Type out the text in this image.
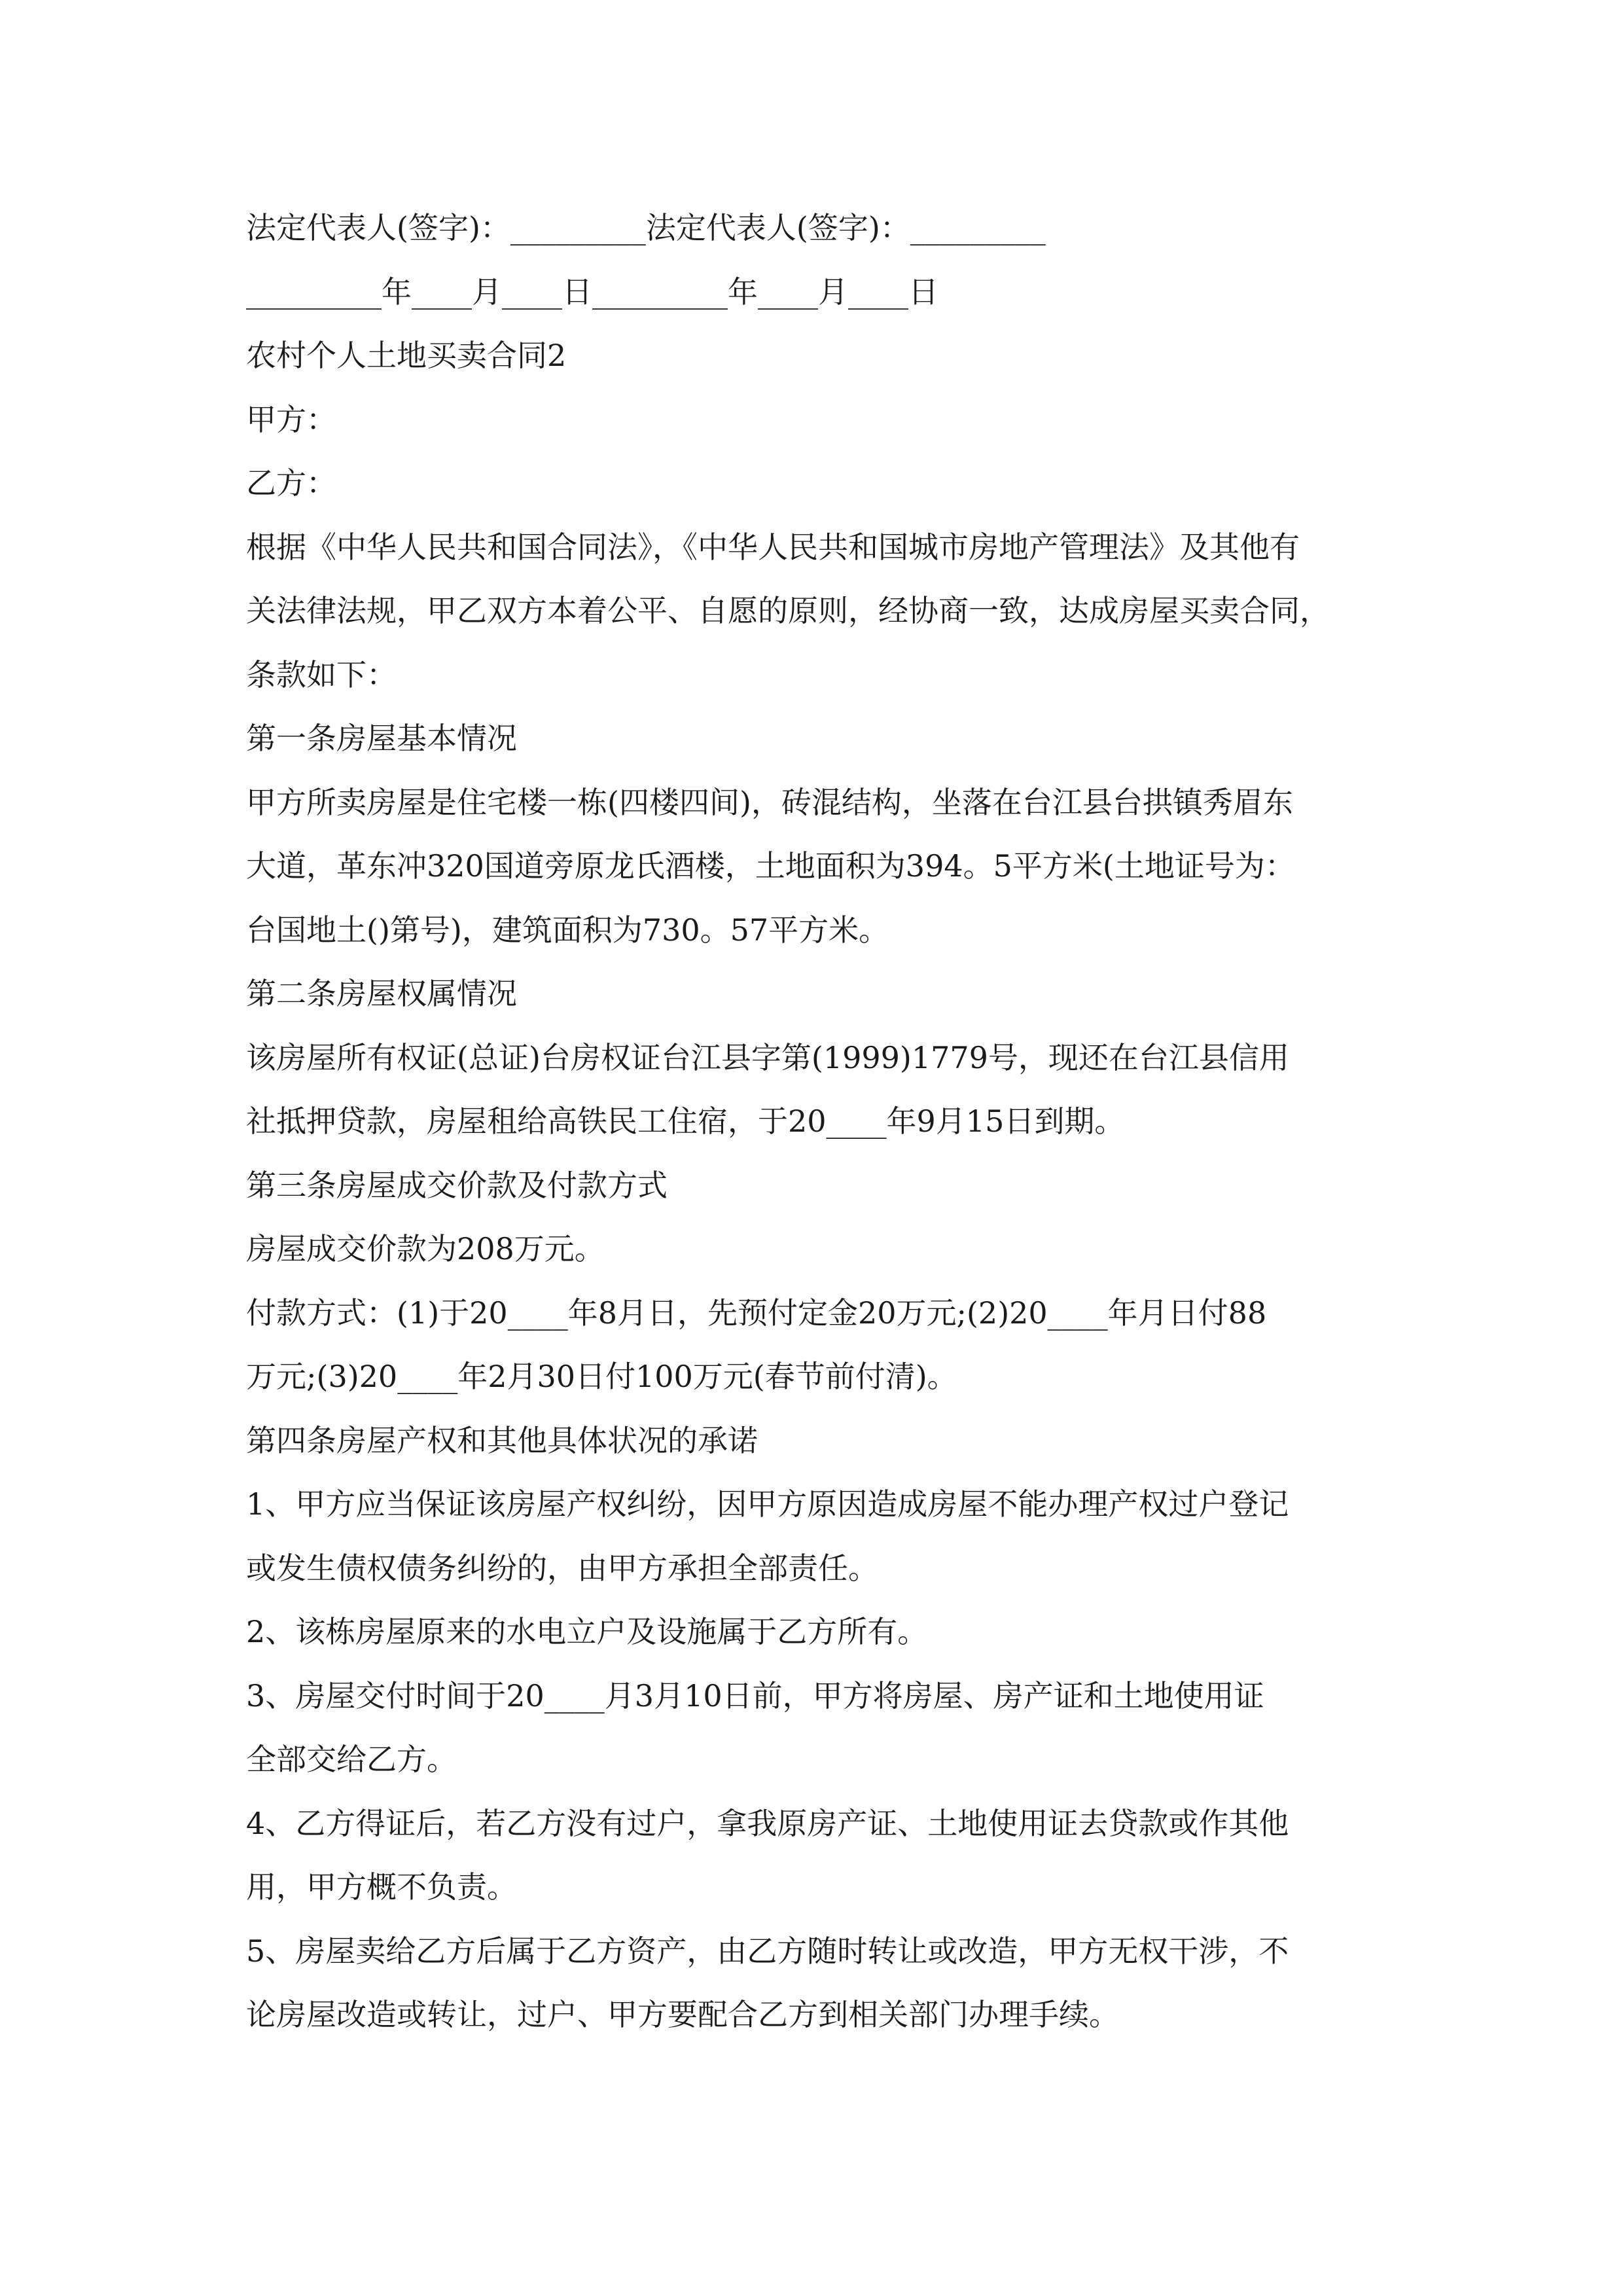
法定代表人(签字)：_________法定代表人(签字)：_________
_________年____月____日_________年____月____日
农村个人土地买卖合同2
甲方：
乙方：
根据《中华人民共和国合同法》，《中华人民共和国城市房地产管理法》及其他有
关法律法规，甲乙双方本着公平、自愿的原则，经协商一致，达成房屋买卖合同，
条款如下：
第一条房屋基本情况
甲方所卖房屋是住宅楼一栋(四楼四间)，砖混结构，坐落在台江县台拱镇秀眉东
大道，革东冲320国道旁原龙氏酒楼，土地面积为394。5平方米(土地证号为：
台国地土()第号)，建筑面积为730。57平方米。
第二条房屋权属情况
该房屋所有权证(总证)台房权证台江县字第(1999)1779号，现还在台江县信用
社抵押贷款，房屋租给高铁民工住宿，于20____年9月15日到期。
第三条房屋成交价款及付款方式
房屋成交价款为208万元。
付款方式：(1)于20____年8月日，先预付定金20万元;(2)20____年月日付88
万元;(3)20____年2月30日付100万元(春节前付清)。
第四条房屋产权和其他具体状况的承诺
1、甲方应当保证该房屋产权纠纷，因甲方原因造成房屋不能办理产权过户登记
或发生债权债务纠纷的，由甲方承担全部责任。
2、该栋房屋原来的水电立户及设施属于乙方所有。
3、房屋交付时间于20____月3月10日前，甲方将房屋、房产证和土地使用证
全部交给乙方。
4、乙方得证后，若乙方没有过户，拿我原房产证、土地使用证去贷款或作其他
用，甲方概不负责。
5、房屋卖给乙方后属于乙方资产，由乙方随时转让或改造，甲方无权干涉，不
论房屋改造或转让，过户、甲方要配合乙方到相关部门办理手续。
